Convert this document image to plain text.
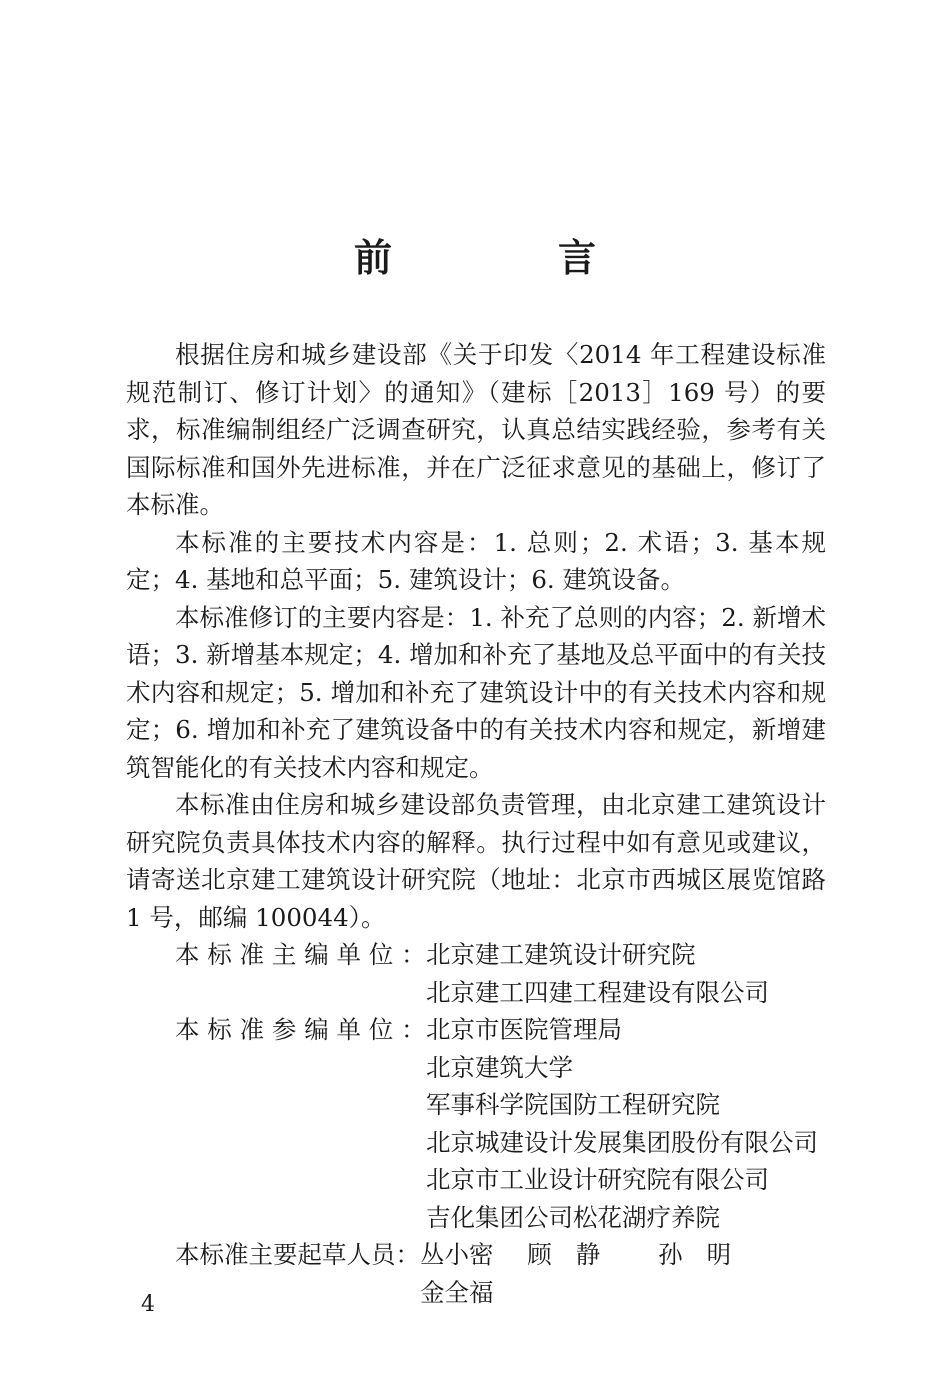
前　言

根据住房和城乡建设部《关于印发〈2014 年工程建设标准规范制订、修订计划〉的通知》（建标［2013］169 号）的要求，标准编制组经广泛调查研究，认真总结实践经验，参考有关国际标准和国外先进标准，并在广泛征求意见的基础上，修订了本标准。

本标准的主要技术内容是：1. 总则；2. 术语；3. 基本规定；4. 基地和总平面；5. 建筑设计；6. 建筑设备。

本标准修订的主要内容是：1. 补充了总则的内容；2. 新增术语；3. 新增基本规定；4. 增加和补充了基地及总平面中的有关技术内容和规定；5. 增加和补充了建筑设计中的有关技术内容和规定；6. 增加和补充了建筑设备中的有关技术内容和规定，新增建筑智能化的有关技术内容和规定。

本标准由住房和城乡建设部负责管理，由北京建工建筑设计研究院负责具体技术内容的解释。执行过程中如有意见或建议，请寄送北京建工建筑设计研究院（地址：北京市西城区展览馆路 1 号，邮编 100044）。

本标准主编单位：
北京建工建筑设计研究院
北京建工四建工程建设有限公司
本标准参编单位：
北京市医院管理局
北京建筑大学
军事科学院国防工程研究院
北京城建设计发展集团股份有限公司
北京市工业设计研究院有限公司
吉化集团公司松花湖疗养院
本标准主要起草人员： 丛小密 顾静 孙明 金全福
4
